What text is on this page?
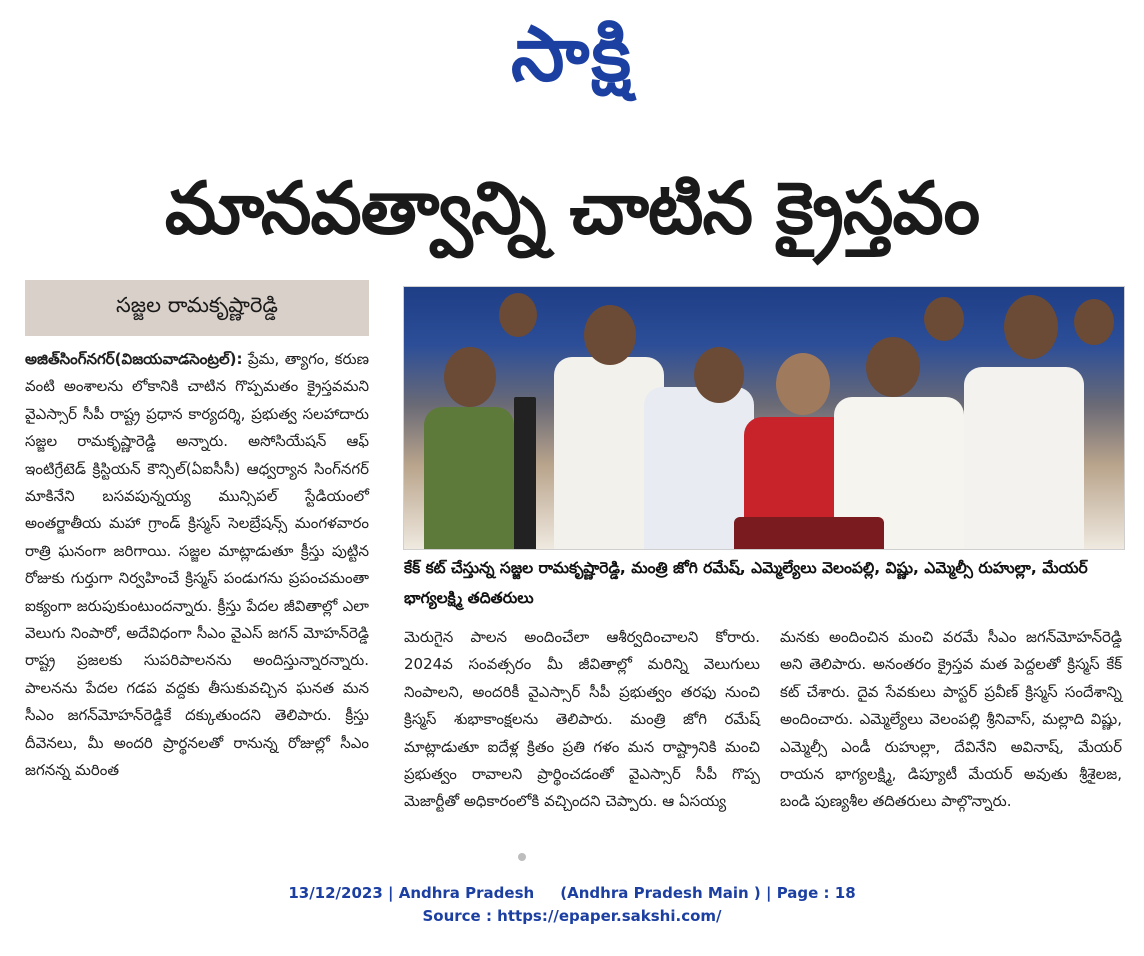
సాక్షి
మానవత్వాన్ని చాటిన క్రైస్తవం
సజ్జల రామకృష్ణారెడ్డి

అజిత్‌సింగ్‌నగర్(విజయవాడసెంట్రల్): ప్రేమ, త్యాగం, కరుణ వంటి అంశాలను లోకానికి చాటిన గొప్పమతం క్రైస్తవమని వైఎస్సార్ సీపీ రాష్ట్ర ప్రధాన కార్యదర్శి, ప్రభుత్వ సలహాదారు సజ్జల రామకృష్ణారెడ్డి అన్నారు. అసోసియేషన్ ఆఫ్ ఇంటిగ్రేటెడ్ క్రిస్టియన్ కౌన్సిల్(ఏఐసీసీ) ఆధ్వర్యాన సింగ్‌నగర్ మాకినేని బసవపున్నయ్య మున్సిపల్ స్టేడియంలో అంతర్జాతీయ మహా గ్రాండ్ క్రిస్మస్ సెలబ్రేషన్స్ మంగళవారం రాత్రి ఘనంగా జరిగాయి. సజ్జల మాట్లాడుతూ క్రీస్తు పుట్టిన రోజుకు గుర్తుగా నిర్వహించే క్రిస్మస్ పండుగను ప్రపంచమంతా ఐక్యంగా జరుపుకుంటుందన్నారు. క్రీస్తు పేదల జీవితాల్లో ఎలా వెలుగు నింపారో, అదేవిధంగా సీఎం వైఎస్ జగన్ మోహన్‌రెడ్డి రాష్ట్ర ప్రజలకు సుపరిపాలనను అందిస్తున్నారన్నారు. పాలనను పేదల గడప వద్దకు తీసుకువచ్చిన ఘనత మన సీఎం జగన్‌మోహన్‌రెడ్డికే దక్కుతుందని తెలిపారు. క్రీస్తు దీవెనలు, మీ అందరి ప్రార్థనలతో రానున్న రోజుల్లో సీఎం జగనన్న మరింత

కేక్ కట్ చేస్తున్న సజ్జల రామకృష్ణారెడ్డి, మంత్రి జోగి రమేష్, ఎమ్మెల్యేలు వెలంపల్లి, విష్ణు, ఎమ్మెల్సీ రుహుల్లా, మేయర్ భాగ్యలక్ష్మి తదితరులు

మెరుగైన పాలన అందించేలా ఆశీర్వదించాలని కోరారు. 2024వ సంవత్సరం మీ జీవితాల్లో మరిన్ని వెలుగులు నింపాలని, అందరికీ వైఎస్సార్ సీపీ ప్రభుత్వం తరఫు నుంచి క్రిస్మస్ శుభాకాంక్షలను తెలిపారు. మంత్రి జోగి రమేష్ మాట్లాడుతూ ఐదేళ్ల క్రితం ప్రతి గళం మన రాష్ట్రానికి మంచి ప్రభుత్వం రావాలని ప్రార్థించడంతో వైఎస్సార్ సీపీ గొప్ప మెజార్టీతో అధికారంలోకి వచ్చిందని చెప్పారు. ఆ ఏసయ్య

మనకు అందించిన మంచి వరమే సీఎం జగన్‌మోహన్‌రెడ్డి అని తెలిపారు. అనంతరం క్రైస్తవ మత పెద్దలతో క్రిస్మస్ కేక్ కట్ చేశారు. దైవ సేవకులు పాస్టర్ ప్రవీణ్ క్రిస్మస్ సందేశాన్ని అందించారు. ఎమ్మెల్యేలు వెలంపల్లి శ్రీనివాస్, మల్లాది విష్ణు, ఎమ్మెల్సీ ఎండీ రుహుల్లా, దేవినేని అవినాష్, మేయర్ రాయన భాగ్యలక్ష్మి, డిప్యూటీ మేయర్ అవుతు శ్రీశైలజ, బండి పుణ్యశీల తదితరులు పాల్గొన్నారు.

13/12/2023 | Andhra Pradesh     (Andhra Pradesh Main ) | Page : 18
Source : https://epaper.sakshi.com/
